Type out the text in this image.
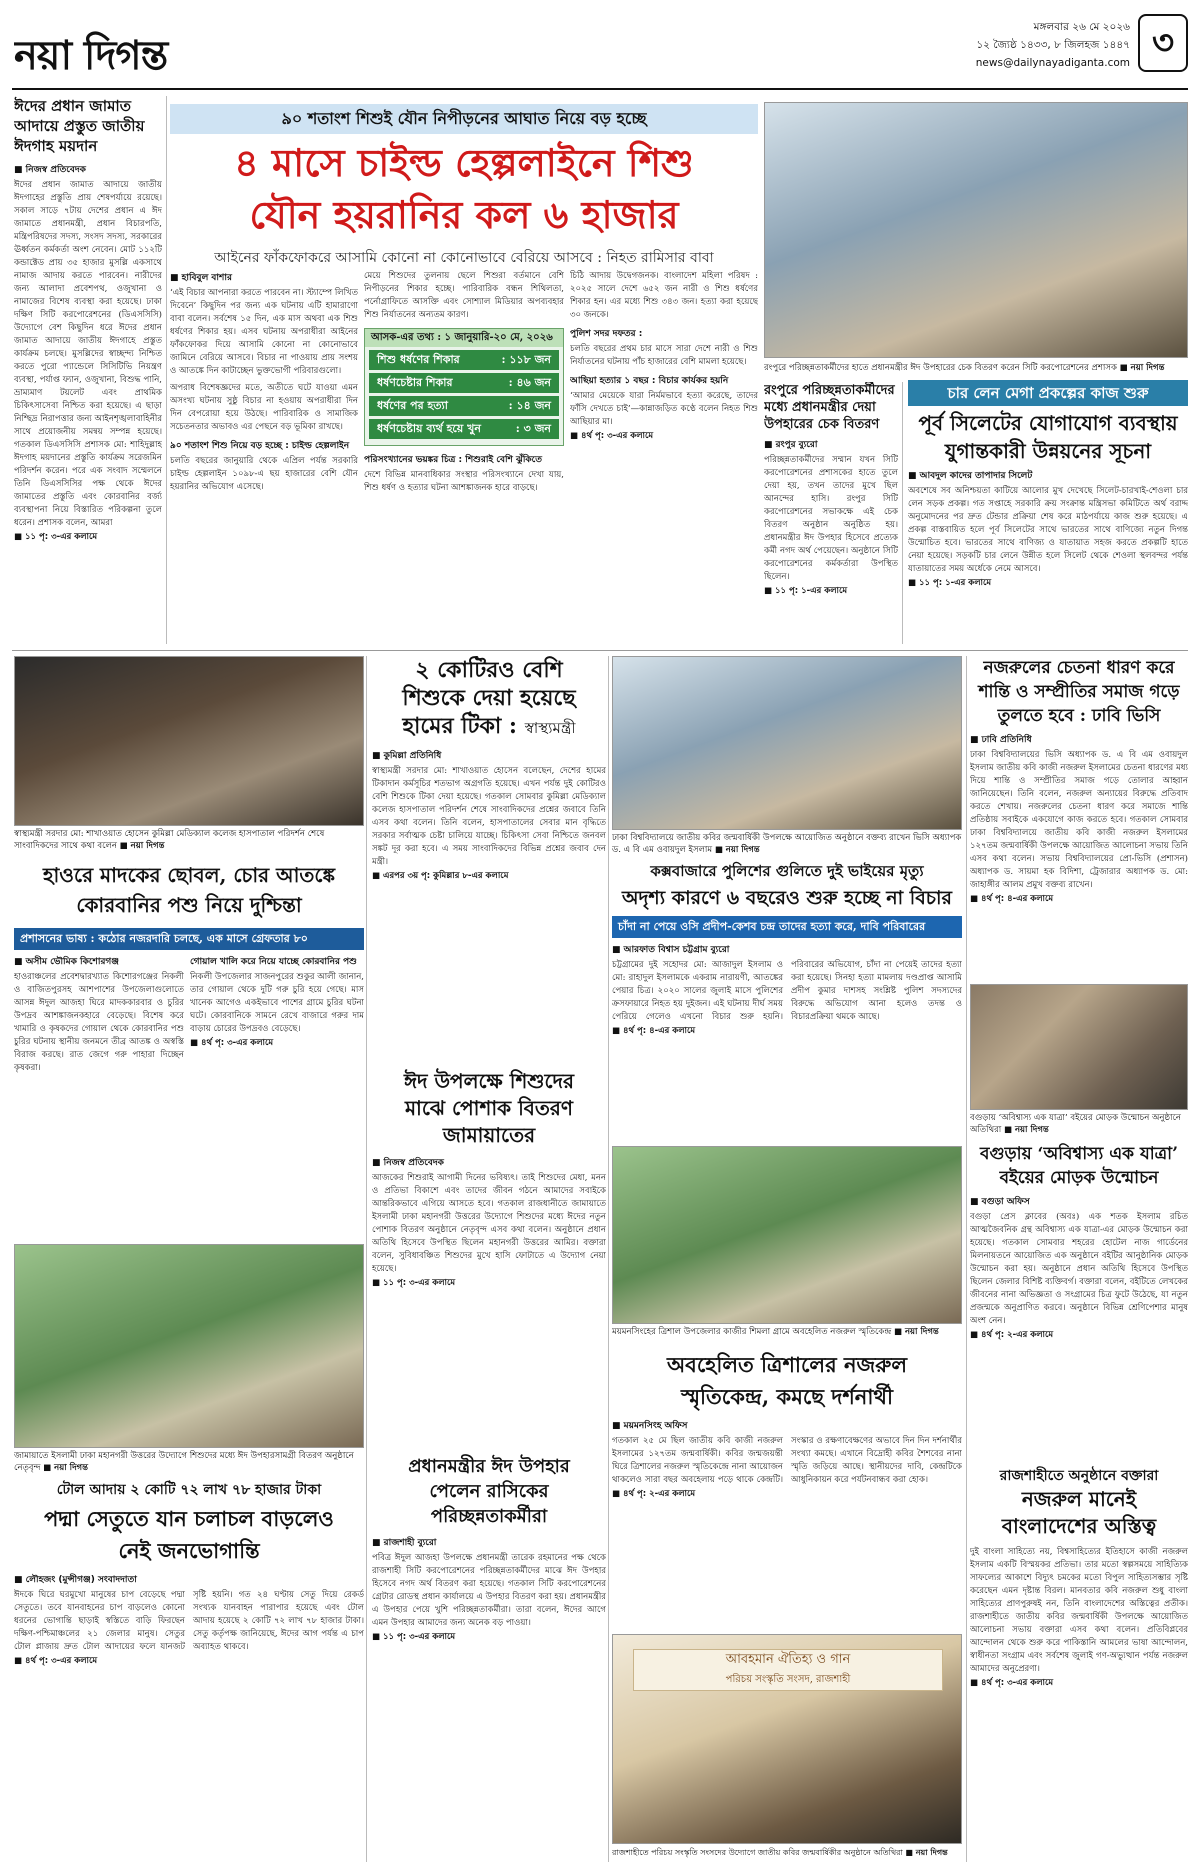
নয়া দিগন্ত
মঙ্গলবার ২৬ মে ২০২৬
১২ জ্যৈষ্ঠ ১৪৩৩, ৮ জিলহজ ১৪৪৭
news@dailynayadiganta.com ৩
ঈদের প্রধান জামাত আদায়ে প্রস্তুত জাতীয় ঈদগাহ ময়দান
■ নিজস্ব প্রতিবেদক
ঈদের প্রধান জামাত আদায়ে জাতীয় ঈদগাহের প্রস্তুতি প্রায় শেষপর্যায়ে রয়েছে। সকাল সাড়ে ৭টায় দেশের প্রধান এ ঈদ জামাতে প্রধানমন্ত্রী, প্রধান বিচারপতি, মন্ত্রিপরিষদের সদস্য, সংসদ সদস্য, সরকারের ঊর্ধ্বতন কর্মকর্তা অংশ নেবেন। মোট ১১২টি কন্ডাক্টেড প্রায় ৩৫ হাজার মুসল্লি একসাথে নামাজ আদায় করতে পারবেন। নারীদের জন্য আলাদা প্রবেশপথ, ওজুখানা ও নামাজের বিশেষ ব্যবস্থা করা হয়েছে। ঢাকা দক্ষিণ সিটি করপোরেশনের (ডিএসসিসি) উদ্যোগে বেশ কিছুদিন ধরে ঈদের প্রধান জামাত আদায়ে জাতীয় ঈদগাহে প্রস্তুত কার্যক্রম চলছে। মুসল্লিদের স্বাচ্ছন্দ্য নিশ্চিত করতে পুরো প্যান্ডেলে সিসিটিভি নিয়ন্ত্রণ ব্যবস্থা, পর্যাপ্ত ফ্যান, ওজুখানা, বিশুদ্ধ পানি, ভ্রাম্যমাণ টয়লেট এবং প্রাথমিক চিকিৎসাসেবা নিশ্চিত করা হয়েছে। এ ছাড়া নিশ্ছিদ্র নিরাপত্তার জন্য আইনশৃঙ্খলাবাহিনীর সাথে প্রয়োজনীয় সমন্বয় সম্পন্ন হয়েছে। গতকাল ডিএসসিসি প্রশাসক মো: শাহিদুল্লাহ ঈদগাহ ময়দানের প্রস্তুতি কার্যক্রম সরেজমিন পরিদর্শন করেন। পরে এক সংবাদ সম্মেলনে তিনি ডিএসসিসির পক্ষ থেকে ঈদের জামাতের প্রস্তুতি এবং কোরবানির বর্জ্য ব্যবস্থাপনা নিয়ে বিস্তারিত পরিকল্পনা তুলে ধরেন। প্রশাসক বলেন, আমরা
■ ১১ পৃ: ৩-এর কলামে
৯০ শতাংশ শিশুই যৌন নিপীড়নের আঘাত নিয়ে বড় হচ্ছে
৪ মাসে চাইল্ড হেল্পলাইনে শিশু
যৌন হয়রানির কল ৬ হাজার
আইনের ফাঁকফোকরে আসামি কোনো না কোনোভাবে বেরিয়ে আসবে : নিহত রামিসার বাবা
■ হাবিবুল বাশার
‘এই বিচার আপনারা করতে পারবেন না। স্ট্যাম্পে লিখিত দিবেনে’ কিছুদিন পর জন্য এক ঘটনায় এটি হামারাণো বাবা বলেন। সর্বশেষ ১৫ দিন, এক মাস অথবা এক শিশু ধর্ষণের শিকার হয়। এসব ঘটনায় অপরাধীরা আইনের ফাঁকফোকর দিয়ে আসামি কোনো না কোনোভাবে জামিনে বেরিয়ে আসবে। বিচার না পাওয়ায় প্রায় সংশয় ও আতঙ্কে দিন কাটাচ্ছেন ভুক্তভোগী পরিবারগুলো।
অপরাধ বিশেষজ্ঞদের মতে, অতীতে ঘটে যাওয়া এমন অসংখ্য ঘটনায় সুষ্ঠু বিচার না হওয়ায় অপরাধীরা দিন দিন বেপরোয়া হয়ে উঠছে। পারিবারিক ও সামাজিক সচেতনতার অভাবও এর পেছনে বড় ভূমিকা রাখছে।
৯০ শতাংশ শিশু নিয়ে বড় হচ্ছে : চাইল্ড হেল্পলাইন
চলতি বছরের জানুয়ারি থেকে এপ্রিল পর্যন্ত সরকারি চাইল্ড হেল্পলাইন ১০৯৮-এ ছয় হাজারের বেশি যৌন হয়রানির অভিযোগ এসেছে।
মেয়ে শিশুদের তুলনায় ছেলে শিশুরা বর্তমানে বেশি নিপীড়নের শিকার হচ্ছে। পারিবারিক বন্ধন শিথিলতা, পর্নোগ্রাফিতে আসক্তি এবং সোশ্যাল মিডিয়ার অপব্যবহার শিশু নির্যাতনের অন্যতম কারণ।
আসক-এর তথ্য : ১ জানুয়ারি-২০ মে, ২০২৬
শিশু ধর্ষণের শিকার	: ১১৮ জন
ধর্ষণচেষ্টার শিকার	: ৪৬ জন
ধর্ষণের পর হত্যা	: ১৪ জন
ধর্ষণচেষ্টায় ব্যর্থ হয়ে খুন	: ৩ জন
পরিসংখ্যানের ভয়ঙ্কর চিত্র : শিশুরাই বেশি ঝুঁকিতে
দেশে বিভিন্ন মানবাধিকার সংস্থার পরিসংখ্যানে দেখা যায়, শিশু ধর্ষণ ও হত্যার ঘটনা আশঙ্কাজনক হারে বাড়ছে।
চিঠি আদায় উদ্বেগজনক। বাংলাদেশ মহিলা পরিষদ : ২০২৫ সালে দেশে ৬৫২ জন নারী ও শিশু ধর্ষণের শিকার হন। এর মধ্যে শিশু ৩৪৩ জন। হত্যা করা হয়েছে ৩০ জনকে।
পুলিশ সদর দফতর :
চলতি বছরের প্রথম চার মাসে সারা দেশে নারী ও শিশু নির্যাতনের ঘটনায় পাঁচ হাজারের বেশি মামলা হয়েছে।
আছিয়া হত্যার ১ বছর : বিচার কার্যকর হয়নি
‘আমার মেয়েকে যারা নির্মমভাবে হত্যা করেছে, তাদের ফাঁসি দেখতে চাই’—কান্নাজড়িত কণ্ঠে বলেন নিহত শিশু আছিয়ার মা।
■ ৪র্থ পৃ: ৩-এর কলামে
রংপুরে পরিচ্ছন্নতাকর্মীদের হাতে প্রধানমন্ত্রীর ঈদ উপহারের চেক বিতরণ করেন সিটি করপোরেশনের প্রশাসক ■ নয়া দিগন্ত
রংপুরে পরিচ্ছন্নতাকর্মীদের মধ্যে প্রধানমন্ত্রীর দেয়া উপহারের চেক বিতরণ
■ রংপুর ব্যুরো
পরিচ্ছন্নতাকর্মীদের সম্মান যখন সিটি করপোরেশনের প্রশাসকের হাতে তুলে দেয়া হয়, তখন তাদের মুখে ছিল আনন্দের হাসি। রংপুর সিটি করপোরেশনের সভাকক্ষে এই চেক বিতরণ অনুষ্ঠান অনুষ্ঠিত হয়। প্রধানমন্ত্রীর ঈদ উপহার হিসেবে প্রত্যেক কর্মী নগদ অর্থ পেয়েছেন। অনুষ্ঠানে সিটি করপোরেশনের কর্মকর্তারা উপস্থিত ছিলেন।
■ ১১ পৃ: ১-এর কলামে
চার লেন মেগা প্রকল্পের কাজ শুরু
পূর্ব সিলেটের যোগাযোগ ব্যবস্থায়
যুগান্তকারী উন্নয়নের সূচনা
■ আবদুল কাদের তাপাদার সিলেট
অবশেষে সব অনিশ্চয়তা কাটিয়ে আলোর মুখ দেখেছে সিলেট-চারখাই-শেওলা চার লেন সড়ক প্রকল্প। গত সপ্তাহে সরকারি ক্রয় সংক্রান্ত মন্ত্রিসভা কমিটিতে অর্থ বরাদ্দ অনুমোদনের পর দ্রুত টেন্ডার প্রক্রিয়া শেষ করে মাঠপর্যায়ে কাজ শুরু হয়েছে। এ প্রকল্প বাস্তবায়িত হলে পূর্ব সিলেটের সাথে ভারতের সাথে বাণিজ্যে নতুন দিগন্ত উন্মোচিত হবে। ভারতের সাথে বাণিজ্য ও যাতায়াত সহজ করতে প্রকল্পটি হাতে নেয়া হয়েছে। সড়কটি চার লেনে উন্নীত হলে সিলেট থেকে শেওলা স্থলবন্দর পর্যন্ত যাতায়াতের সময় অর্ধেকে নেমে আসবে।
■ ১১ পৃ: ১-এর কলামে
স্বাস্থ্যমন্ত্রী সরদার মো: শাখাওয়াত হোসেন কুমিল্লা মেডিক্যাল কলেজ হাসপাতাল পরিদর্শন শেষে সাংবাদিকদের সাথে কথা বলেন ■ নয়া দিগন্ত
২ কোটিরও বেশি
শিশুকে দেয়া হয়েছে
হামের টিকা : স্বাস্থ্যমন্ত্রী
■ কুমিল্লা প্রতিনিধি
স্বাস্থ্যমন্ত্রী সরদার মো: শাখাওয়াত হোসেন বলেছেন, দেশের হামের টিকাদান কর্মসূচির শতভাগ অগ্রগতি হয়েছে। এখন পর্যন্ত দুই কোটিরও বেশি শিশুকে টিকা দেয়া হয়েছে। গতকাল সোমবার কুমিল্লা মেডিক্যাল কলেজ হাসপাতাল পরিদর্শন শেষে সাংবাদিকদের প্রশ্নের জবাবে তিনি এসব কথা বলেন। তিনি বলেন, হাসপাতালের সেবার মান বৃদ্ধিতে সরকার সর্বাত্মক চেষ্টা চালিয়ে যাচ্ছে। চিকিৎসা সেবা নিশ্চিতে জনবল সঙ্কট দূর করা হবে। এ সময় সাংবাদিকদের বিভিন্ন প্রশ্নের জবাব দেন মন্ত্রী।
■ এরপর ৩য় পৃ: কুমিল্লার ৮-এর কলামে
ঢাকা বিশ্ববিদ্যালয়ে জাতীয় কবির জন্মবার্ষিকী উপলক্ষে আয়োজিত অনুষ্ঠানে বক্তব্য রাখেন ভিসি অধ্যাপক ড. এ বি এম ওবায়দুল ইসলাম ■ নয়া দিগন্ত
নজরুলের চেতনা ধারণ করে
শান্তি ও সম্প্রীতির সমাজ গড়ে
তুলতে হবে : ঢাবি ভিসি
■ ঢাবি প্রতিনিধি
ঢাকা বিশ্ববিদ্যালয়ের ভিসি অধ্যাপক ড. এ বি এম ওবায়দুল ইসলাম জাতীয় কবি কাজী নজরুল ইসলামের চেতনা ধারণের মধ্য দিয়ে শান্তি ও সম্প্রীতির সমাজ গড়ে তোলার আহ্বান জানিয়েছেন। তিনি বলেন, নজরুল অন্যায়ের বিরুদ্ধে প্রতিবাদ করতে শেখায়। নজরুলের চেতনা ধারণ করে সমাজে শান্তি প্রতিষ্ঠায় সবাইকে একযোগে কাজ করতে হবে। গতকাল সোমবার ঢাকা বিশ্ববিদ্যালয়ে জাতীয় কবি কাজী নজরুল ইসলামের ১২৭তম জন্মবার্ষিকী উপলক্ষে আয়োজিত আলোচনা সভায় তিনি এসব কথা বলেন। সভায় বিশ্ববিদ্যালয়ের প্রো-ভিসি (প্রশাসন) অধ্যাপক ড. সায়মা হক বিদিশা, ট্রেজারার অধ্যাপক ড. মো: জাহাঙ্গীর আলম প্রমুখ বক্তব্য রাখেন।
■ ৪র্থ পৃ: ৪-এর কলামে
হাওরে মাদকের ছোবল, চোর আতঙ্কে কোরবানির পশু নিয়ে দুশ্চিন্তা
প্রশাসনের ভাষ্য : কঠোর নজরদারি চলছে, এক মাসে গ্রেফতার ৮০
■ অসীম ভৌমিক কিশোরগঞ্জ
হাওরাঞ্চলের প্রবেশদ্বারখ্যাত কিশোরগঞ্জের নিকলী ও বাজিতপুরসহ আশপাশের উপজেলাগুলোতে আসন্ন ঈদুল আজহা ঘিরে মাদককারবার ও চুরির উপদ্রব আশঙ্কাজনকহারে বেড়েছে। বিশেষ করে খামারি ও কৃষকদের গোয়াল থেকে কোরবানির পশু চুরির ঘটনায় স্থানীয় জনমনে তীব্র আতঙ্ক ও অস্বস্তি বিরাজ করছে। রাত জেগে গরু পাহারা দিচ্ছেন কৃষকরা।
গোয়াল খালি করে নিয়ে যাচ্ছে কোরবানির পশু
নিকলী উপজেলার সাজনপুরের শুকুর আলী জানান, তার গোয়াল থেকে দুটি গরু চুরি হয়ে গেছে। মাস খানেক আগেও একইভাবে পাশের গ্রামে চুরির ঘটনা ঘটে। কোরবানিকে সামনে রেখে বাজারে গরুর দাম বাড়ায় চোরের উপদ্রবও বেড়েছে।
■ ৪র্থ পৃ: ৩-এর কলামে
কক্সবাজারে পুলিশের গুলিতে দুই ভাইয়ের মৃত্যু
অদৃশ্য কারণে ৬ বছরেও শুরু হচ্ছে না বিচার
চাঁদা না পেয়ে ওসি প্রদীপ-কেশব চন্দ্র তাদের হত্যা করে, দাবি পরিবারের
■ আরফাত বিশ্বাস চট্টগ্রাম ব্যুরো
চট্টগ্রামের দুই সহোদর মো: আজাদুল ইসলাম ও মো: রাহাদুল ইসলামকে একরাম নারায়ণী, আতঙ্কের পেয়ার চিত্র। ২০২০ সালের জুলাই মাসে পুলিশের ক্রসফায়ারে নিহত হয় দুইজন। এই ঘটনায় দীর্ঘ সময় পেরিয়ে গেলেও এখনো বিচার শুরু হয়নি। পরিবারের অভিযোগ, চাঁদা না পেয়েই তাদের হত্যা করা হয়েছে। সিনহা হত্যা মামলায় দণ্ডপ্রাপ্ত আসামি প্রদীপ কুমার দাশসহ সংশ্লিষ্ট পুলিশ সদস্যদের বিরুদ্ধে অভিযোগ আনা হলেও তদন্ত ও বিচারপ্রক্রিয়া থমকে আছে।
■ ৪র্থ পৃ: ৪-এর কলামে
বগুড়ায় ‘অবিশ্বাস্য এক যাত্রা’ বইয়ের মোড়ক উন্মোচন অনুষ্ঠানে অতিথিরা ■ নয়া দিগন্ত
বগুড়ায় ‘অবিশ্বাস্য এক যাত্রা’
বইয়ের মোড়ক উন্মোচন
■ বগুড়া অফিস
বগুড়া প্রেস ক্লাবের (অবঃ) এক শতক ইসলাম রচিত আত্মজৈবনিক গ্রন্থ অবিশ্বাস্য এক যাত্রা-এর মোড়ক উন্মোচন করা হয়েছে। গতকাল সোমবার শহরের হোটেল নাজ গার্ডেনের মিলনায়তনে আয়োজিত এক অনুষ্ঠানে বইটির আনুষ্ঠানিক মোড়ক উন্মোচন করা হয়। অনুষ্ঠানে প্রধান অতিথি হিসেবে উপস্থিত ছিলেন জেলার বিশিষ্ট ব্যক্তিবর্গ। বক্তারা বলেন, বইটিতে লেখকের জীবনের নানা অভিজ্ঞতা ও সংগ্রামের চিত্র ফুটে উঠেছে, যা নতুন প্রজন্মকে অনুপ্রাণিত করবে। অনুষ্ঠানে বিভিন্ন শ্রেণিপেশার মানুষ অংশ নেন।
■ ৪র্থ পৃ: ২-এর কলামে
জামায়াতে ইসলামী ঢাকা মহানগরী উত্তরের উদ্যোগে শিশুদের মধ্যে ঈদ উপহারসামগ্রী বিতরণ অনুষ্ঠানে নেতৃবৃন্দ ■ নয়া দিগন্ত
ঈদ উপলক্ষে শিশুদের
মাঝে পোশাক বিতরণ
জামায়াতের
■ নিজস্ব প্রতিবেদক
আজকের শিশুরাই আগামী দিনের ভবিষ্যৎ। তাই শিশুদের মেধা, মনন ও প্রতিভা বিকাশে এবং তাদের জীবন গঠনে আমাদের সবাইকে আন্তরিকভাবে এগিয়ে আসতে হবে। গতকাল রাজধানীতে জামায়াতে ইসলামী ঢাকা মহানগরী উত্তরের উদ্যোগে শিশুদের মধ্যে ঈদের নতুন পোশাক বিতরণ অনুষ্ঠানে নেতৃবৃন্দ এসব কথা বলেন। অনুষ্ঠানে প্রধান অতিথি হিসেবে উপস্থিত ছিলেন মহানগরী উত্তরের আমির। বক্তারা বলেন, সুবিধাবঞ্চিত শিশুদের মুখে হাসি ফোটাতে এ উদ্যোগ নেয়া হয়েছে।
■ ১১ পৃ: ৩-এর কলামে
ময়মনসিংহের ত্রিশাল উপজেলার কাজীর শিমলা গ্রামে অবহেলিত নজরুল স্মৃতিকেন্দ্র ■ নয়া দিগন্ত
অবহেলিত ত্রিশালের নজরুল
স্মৃতিকেন্দ্র, কমছে দর্শনার্থী
■ ময়মনসিংহ অফিস
গতকাল ২৫ মে ছিল জাতীয় কবি কাজী নজরুল ইসলামের ১২৭তম জন্মবার্ষিকী। কবির জন্মজয়ন্তী ঘিরে ত্রিশালের নজরুল স্মৃতিকেন্দ্রে নানা আয়োজন থাকলেও সারা বছর অবহেলায় পড়ে থাকে কেন্দ্রটি। সংস্কার ও রক্ষণাবেক্ষণের অভাবে দিন দিন দর্শনার্থীর সংখ্যা কমছে। এখানে বিদ্রোহী কবির শৈশবের নানা স্মৃতি জড়িয়ে আছে। স্থানীয়দের দাবি, কেন্দ্রটিকে আধুনিকায়ন করে পর্যটনবান্ধব করা হোক।
■ ৪র্থ পৃ: ২-এর কলামে
টোল আদায় ২ কোটি ৭২ লাখ ৭৮ হাজার টাকা
পদ্মা সেতুতে যান চলাচল বাড়লেও
নেই জনভোগান্তি
■ লৌহজং (মুন্সীগঞ্জ) সংবাদদাতা
ঈদকে ঘিরে ঘরমুখো মানুষের চাপ বেড়েছে পদ্মা সেতুতে। তবে যানবাহনের চাপ বাড়লেও কোনো ধরনের ভোগান্তি ছাড়াই স্বস্তিতে বাড়ি ফিরছেন দক্ষিণ-পশ্চিমাঞ্চলের ২১ জেলার মানুষ। সেতুর টোল প্লাজায় দ্রুত টোল আদায়ের ফলে যানজট সৃষ্টি হয়নি। গত ২৪ ঘণ্টায় সেতু দিয়ে রেকর্ড সংখ্যক যানবাহন পারাপার হয়েছে এবং টোল আদায় হয়েছে ২ কোটি ৭২ লাখ ৭৮ হাজার টাকা। সেতু কর্তৃপক্ষ জানিয়েছে, ঈদের আগ পর্যন্ত এ চাপ অব্যাহত থাকবে।
■ ৪র্থ পৃ: ৩-এর কলামে
প্রধানমন্ত্রীর ঈদ উপহার
পেলেন রাসিকের
পরিচ্ছন্নতাকর্মীরা
■ রাজশাহী ব্যুরো
পবিত্র ঈদুল আজহা উপলক্ষে প্রধানমন্ত্রী তারেক রহমানের পক্ষ থেকে রাজশাহী সিটি করপোরেশনের পরিচ্ছন্নতাকর্মীদের মাঝে ঈদ উপহার হিসেবে নগদ অর্থ বিতরণ করা হয়েছে। গতকাল সিটি করপোরেশনের গ্রেটার রোডস্থ প্রধান কার্যালয়ে এ উপহার বিতরণ করা হয়। প্রধানমন্ত্রীর এ উপহার পেয়ে খুশি পরিচ্ছন্নতাকর্মীরা। তারা বলেন, ঈদের আগে এমন উপহার আমাদের জন্য অনেক বড় পাওয়া।
■ ১১ পৃ: ৩-এর কলামে
আবহমান ঐতিহ্য ও গান
পরিচয় সংস্কৃতি সংসদ, রাজশাহী
রাজশাহীতে পরিচয় সংস্কৃতি সংসদের উদ্যোগে জাতীয় কবির জন্মবার্ষিকীর অনুষ্ঠানে অতিথিরা ■ নয়া দিগন্ত
রাজশাহীতে অনুষ্ঠানে বক্তারা
নজরুল মানেই
বাংলাদেশের অস্তিত্ব
দুই বাংলা সাহিত্যে নয়, বিশ্বসাহিত্যের ইতিহাসে কাজী নজরুল ইসলাম একটি বিস্ময়কর প্রতিভা। তার মতো স্বল্পসময়ে সাহিত্যিক সাফল্যের আকাশে বিদ্যুৎ চমকের মতো বিপুল সাহিত্যসম্ভার সৃষ্টি করেছেন এমন দৃষ্টান্ত বিরল। মানবতার কবি নজরুল শুধু বাংলা সাহিত্যের প্রাণপুরুষই নন, তিনি বাংলাদেশের অস্তিত্বের প্রতীক। রাজশাহীতে জাতীয় কবির জন্মবার্ষিকী উপলক্ষে আয়োজিত আলোচনা সভায় বক্তারা এসব কথা বলেন। প্রতিবিপ্লবের আন্দোলন থেকে শুরু করে পাকিস্তানি আমলের ভাষা আন্দোলন, স্বাধীনতা সংগ্রাম এবং সর্বশেষ জুলাই গণ-অভ্যুত্থান পর্যন্ত নজরুল আমাদের অনুপ্রেরণা।
■ ৪র্থ পৃ: ৩-এর কলামে
